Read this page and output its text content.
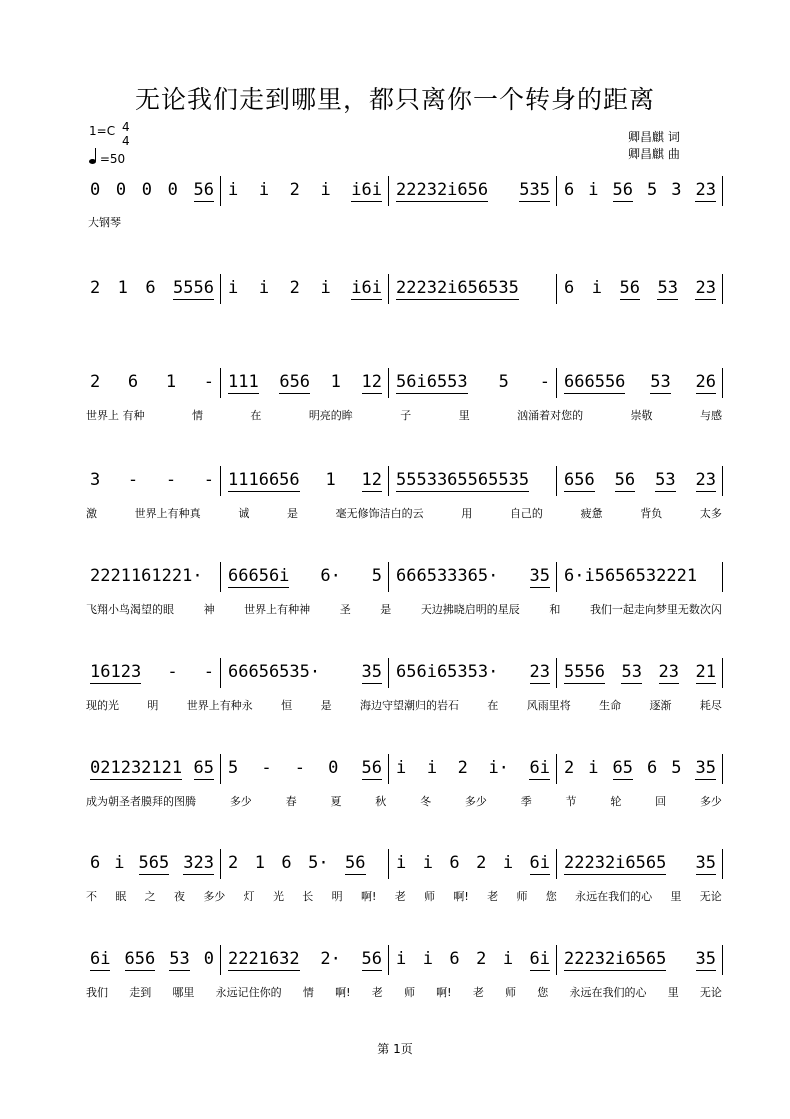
无论我们走到哪里，都只离你一个转身的距离
1=C 4
4
=50
卿昌麒 词
卿昌麒 曲
0 0 0 0 56 i i 2 i i6i 22232i656 535 6 i 56 5 3 23
2 1 6 5556 i i 2 i i6i 22232i656535	6 i 56 53 23
2 6 1 - 111 656 1 12 56i6553 5 - 666556 53 26
世界上 有种	情	在	明亮的眸	子	里	汹涌着对您的	崇敬	与感
3 - - - 1116656 1 12 5553365565535 656 56 53 23
激	世界上有种真	诚	是	毫无修饰洁白的云	用	自己的	疲惫	背负	太多
2221161221· 66656i 6· 5 666533365· 35 6·i5656532221
飞翔小鸟渴望的眼	神	世界上有种神	圣	是	天边拂晓启明的星辰	和	我们一起走向梦里无数次闪
16123 - - 66656535· 35 656i65353· 23 5556 53 23 21
现的光	明	世界上有种永	恒	是	海边守望潮归的岩石	在	风雨里将	生命	逐渐	耗尽
021232121 65 5 - - 0 56 i i 2 i· 6i 2 i 65 6 5 35
成为朝圣者膜拜的图腾	多少	春	夏	秋	冬	多少	季	节	轮	回	多少
6 i 565 323 2 1 6 5· 56 i i 6 2 i 6i 22232i6565 35
不 眠 之 夜 多少 灯 光 长 明 啊! 老 师 啊! 老 师 您 永远在我们的心 里 无论
6i 656 53 0 2221632 2· 56 i i 6 2 i 6i 22232i6565 35
我们 走到 哪里 永远记住你的 情 啊! 老 师 啊! 老 师 您 永远在我们的心 里 无论
大钢琴
第 1页
